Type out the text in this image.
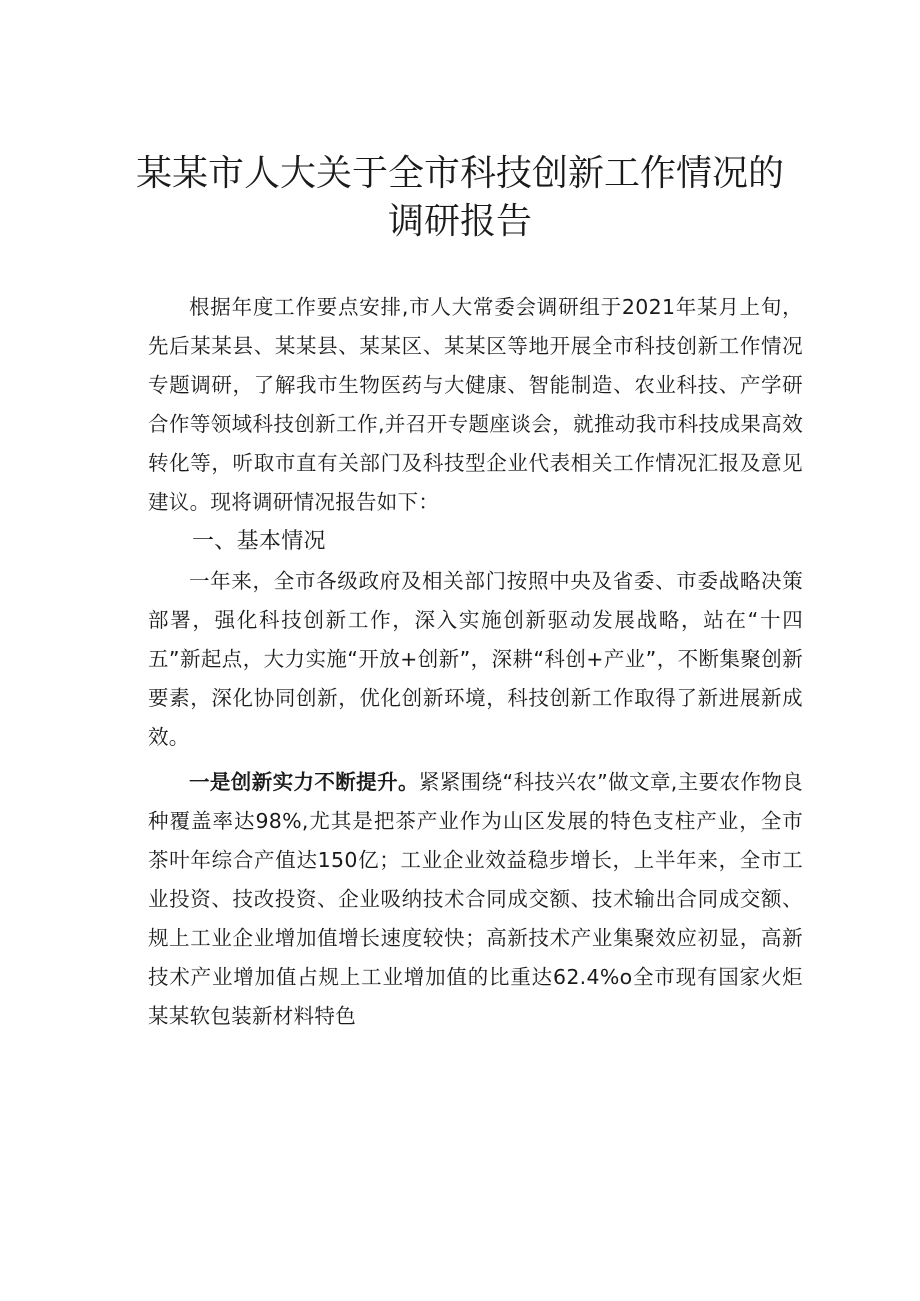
某某市人大关于全市科技创新工作情况的
调研报告

根据年度工作要点安排,市人大常委会调研组于2021年某月上旬，先后某某县、某某县、某某区、某某区等地开展全市科技创新工作情况专题调研，了解我市生物医药与大健康、智能制造、农业科技、产学研合作等领域科技创新工作,并召开专题座谈会，就推动我市科技成果高效转化等，听取市直有关部门及科技型企业代表相关工作情况汇报及意见建议。现将调研情况报告如下：

一、基本情况

一年来，全市各级政府及相关部门按照中央及省委、市委战略决策部署，强化科技创新工作，深入实施创新驱动发展战略，站在“十四五”新起点，大力实施“开放+创新”，深耕“科创+产业”，不断集聚创新要素，深化协同创新，优化创新环境，科技创新工作取得了新进展新成效。

一是创新实力不断提升。紧紧围绕“科技兴农”做文章,主要农作物良种覆盖率达98%,尤其是把茶产业作为山区发展的特色支柱产业，全市茶叶年综合产值达150亿；工业企业效益稳步增长，上半年来，全市工业投资、技改投资、企业吸纳技术合同成交额、技术输出合同成交额、规上工业企业增加值增长速度较快；高新技术产业集聚效应初显，高新技术产业增加值占规上工业增加值的比重达62.4%o全市现有国家火炬某某软包装新材料特色
